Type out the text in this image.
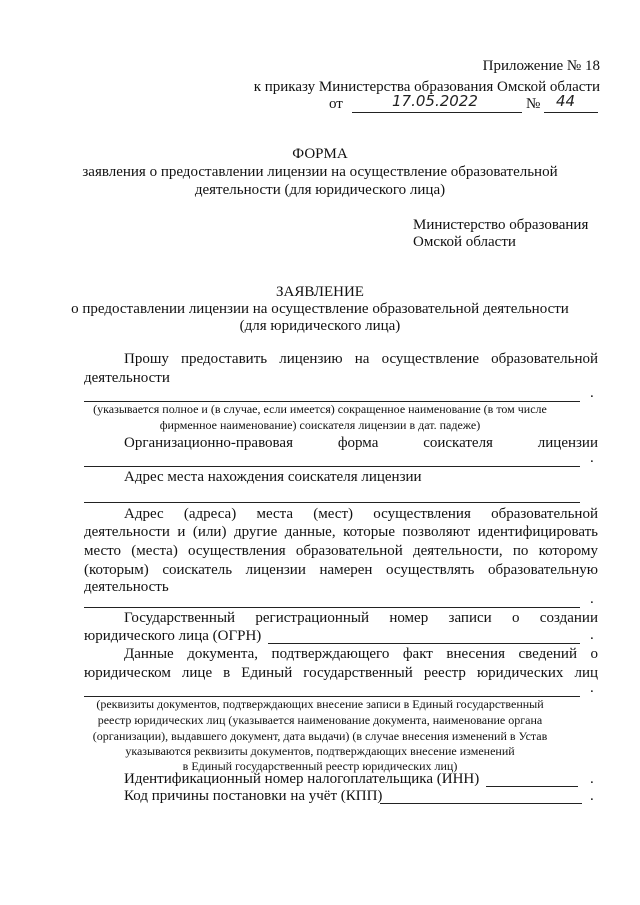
Приложение № 18
к приказу Министерства образования Омской области
от	17.05.2022	№ 44
ФОРМА
заявления о предоставлении лицензии на осуществление образовательной
деятельности (для юридического лица)
Министерство образования
Омской области
ЗАЯВЛЕНИЕ
о предоставлении лицензии на осуществление образовательной деятельности
(для юридического лица)
Прошу предоставить лицензию на осуществление образовательной
деятельности
.
(указывается полное и (в случае, если имеется) сокращенное наименование (в том числе
фирменное наименование) соискателя лицензии в дат. падеже)
Организационно-правовая форма соискателя лицензии
.
Адрес места нахождения соискателя лицензии
Адрес (адреса) места (мест) осуществления образовательной
деятельности и (или) другие данные, которые позволяют идентифицировать
место (места) осуществления образовательной деятельности, по которому
(которым) соискатель лицензии намерен осуществлять образовательную
деятельность
.
Государственный регистрационный номер записи о создании
юридического лица (ОГРН)	.
Данные документа, подтверждающего факт внесения сведений о
юридическом лице в Единый государственный реестр юридических лиц
.
(реквизиты документов, подтверждающих внесение записи в Единый государственный
реестр юридических лиц (указывается наименование документа, наименование органа
(организации), выдавшего документ, дата выдачи) (в случае внесения изменений в Устав
указываются реквизиты документов, подтверждающих внесение изменений
в Единый государственный реестр юридических лиц)
Идентификационный номер налогоплательщика (ИНН)	.
Код причины постановки на учёт (КПП)	.
